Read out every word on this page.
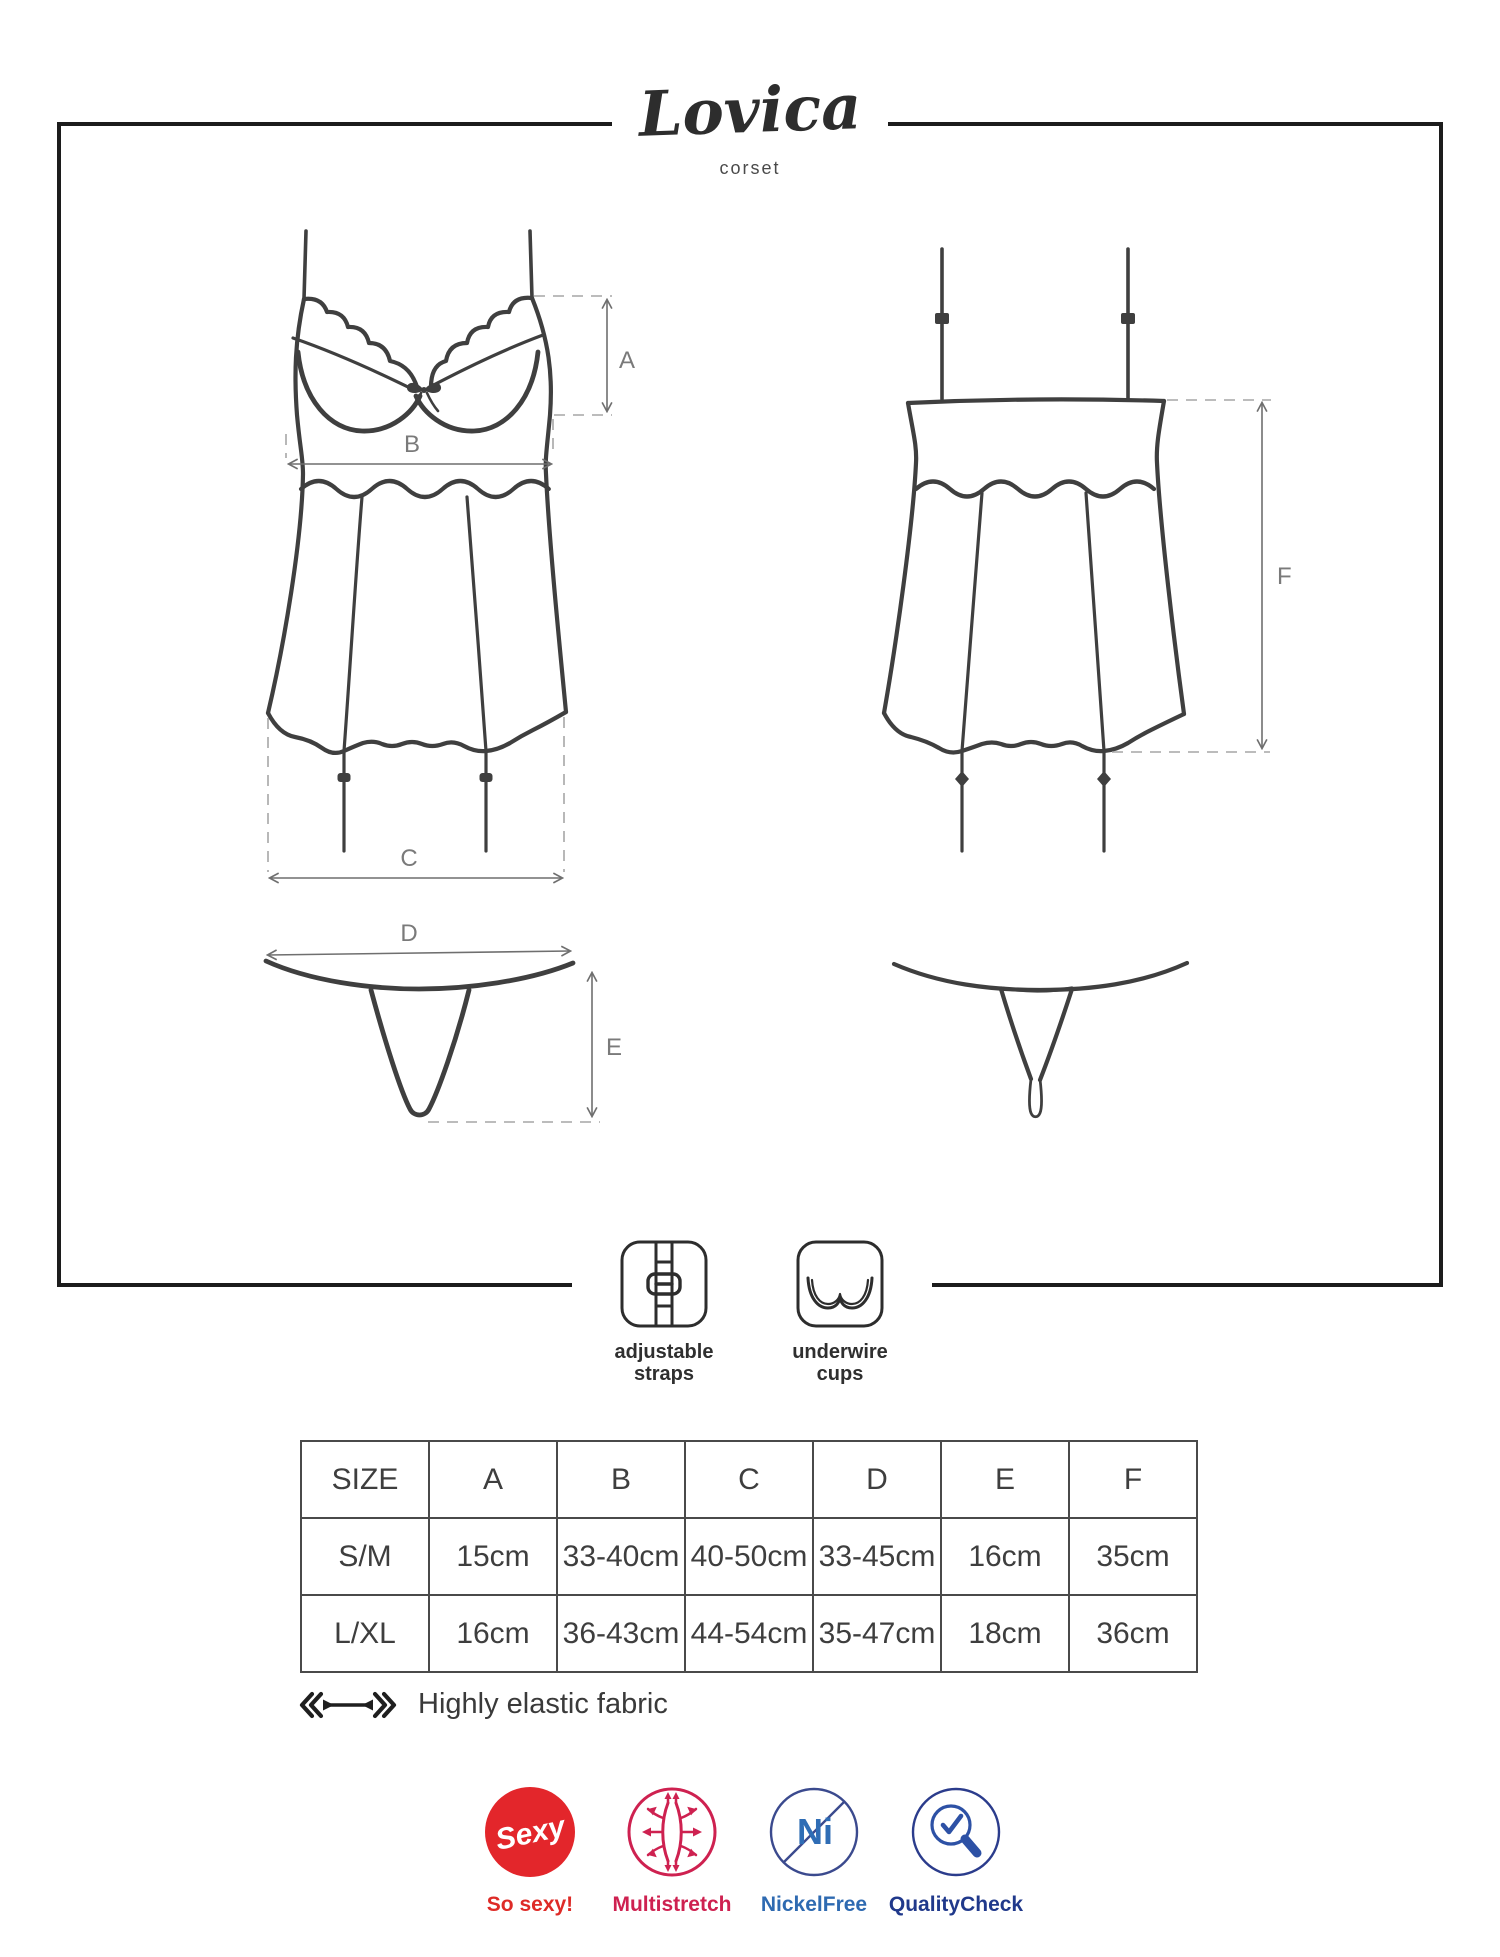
Lovica
corset
A
B
C
D
E
F
adjustable straps
underwire cups
SIZE	A	B	C	D	E	F
S/M	15cm	33-40cm	40-50cm	33-45cm	16cm	35cm
L/XL	16cm	36-43cm	44-54cm	35-47cm	18cm	36cm
Highly elastic fabric
Sexy
So sexy! Multistretch
Ni
NickelFree QualityCheck
